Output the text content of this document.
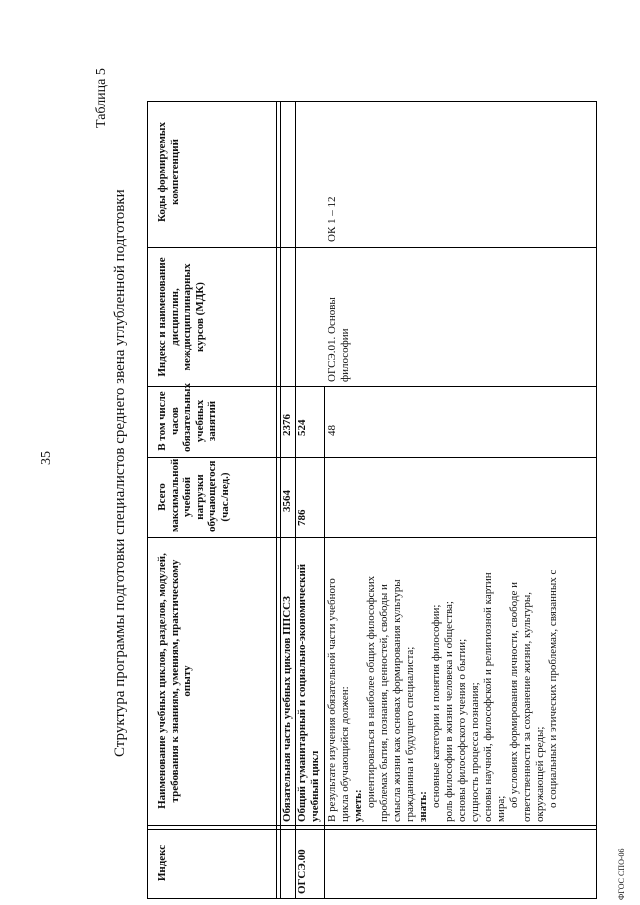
35
Таблица 5
Структура программы подготовки специалистов среднего звена углубленной подготовки
ФГОС СПО-06
Индекс
Наименование учебных циклов, разделов, модулей, требования к знаниям, умениям, практическому опыту
Всего максимальной учебной нагрузки обучающегося (час./нед.)
В том числе часов обязательных учебных занятий
Индекс и наименование дисциплин, междисциплинарных курсов (МДК)
Коды формируемых компетенций
Обязательная часть учебных циклов ППССЗ
3564
2376
ОГСЭ.00
Общий гуманитарный и социально-экономический учебный цикл
786
524 48
ОГСЭ.01. Основы философии
ОК 1 – 12
В результате изучения обязательной части учебного цикла обучающийся должен: уметь: ориентироваться в наиболее общих философских проблемах бытия, познания, ценностей, свободы и смысла жизни как основах формирования культуры гражданина и будущего специалиста; знать: основные категории и понятия философии; роль философии в жизни человека и общества; основы философского учения о бытии; сущность процесса познания; основы научной, философской и религиозной картин мира;
об условиях формирования личности, свободе и ответственности за сохранение жизни, культуры, окружающей среды; о социальных и этических проблемах, связанных с
